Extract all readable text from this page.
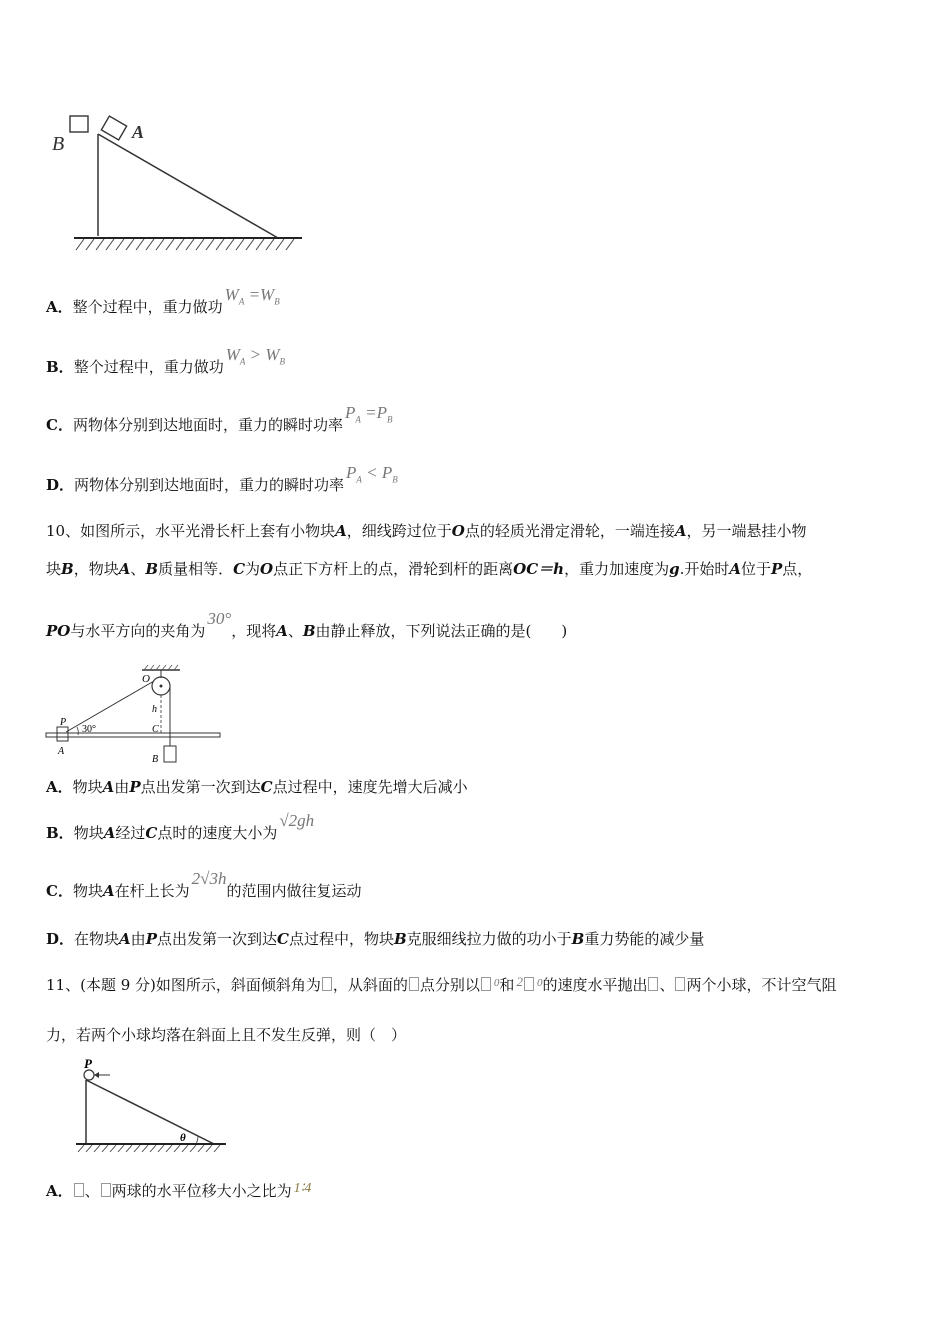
B
A
A．整个过程中，重力做功$W_A =W_B$
B．整个过程中，重力做功$W_A > W_B$
C．两物体分别到达地面时，重力的瞬时功率$P_A =P_B$
D．两物体分别到达地面时，重力的瞬时功率$P_A < P_B$
10、如图所示，水平光滑长杆上套有小物块A，细线跨过位于O点的轻质光滑定滑轮，一端连接A，另一端悬挂小物
块B，物块A、B质量相等．C为O点正下方杆上的点，滑轮到杆的距离OC＝h，重力加速度为g.开始时A位于P点，
PO与水平方向的夹角为30°，现将A、B由静止释放，下列说法正确的是(　　)
O
h
P
30°	C
A
B
A．物块A由P点出发第一次到达C点过程中，速度先增大后减小
B．物块A经过C点时的速度大小为√2gh
C．物块A在杆上长为2√3h的范围内做往复运动
D．在物块A由P点出发第一次到达C点过程中，物块B克服细线拉力做的功小于B重力势能的减少量
11、(本题 9 分)如图所示，斜面倾斜角为 ，从斜面的 点分别以 $^0$和 2 $^0$的速度水平抛出 、 两个小球，不计空气阻
力，若两个小球均落在斜面上且不发生反弹，则（　）
P
θ
A． 、 两球的水平位移大小之比为 1∶4
